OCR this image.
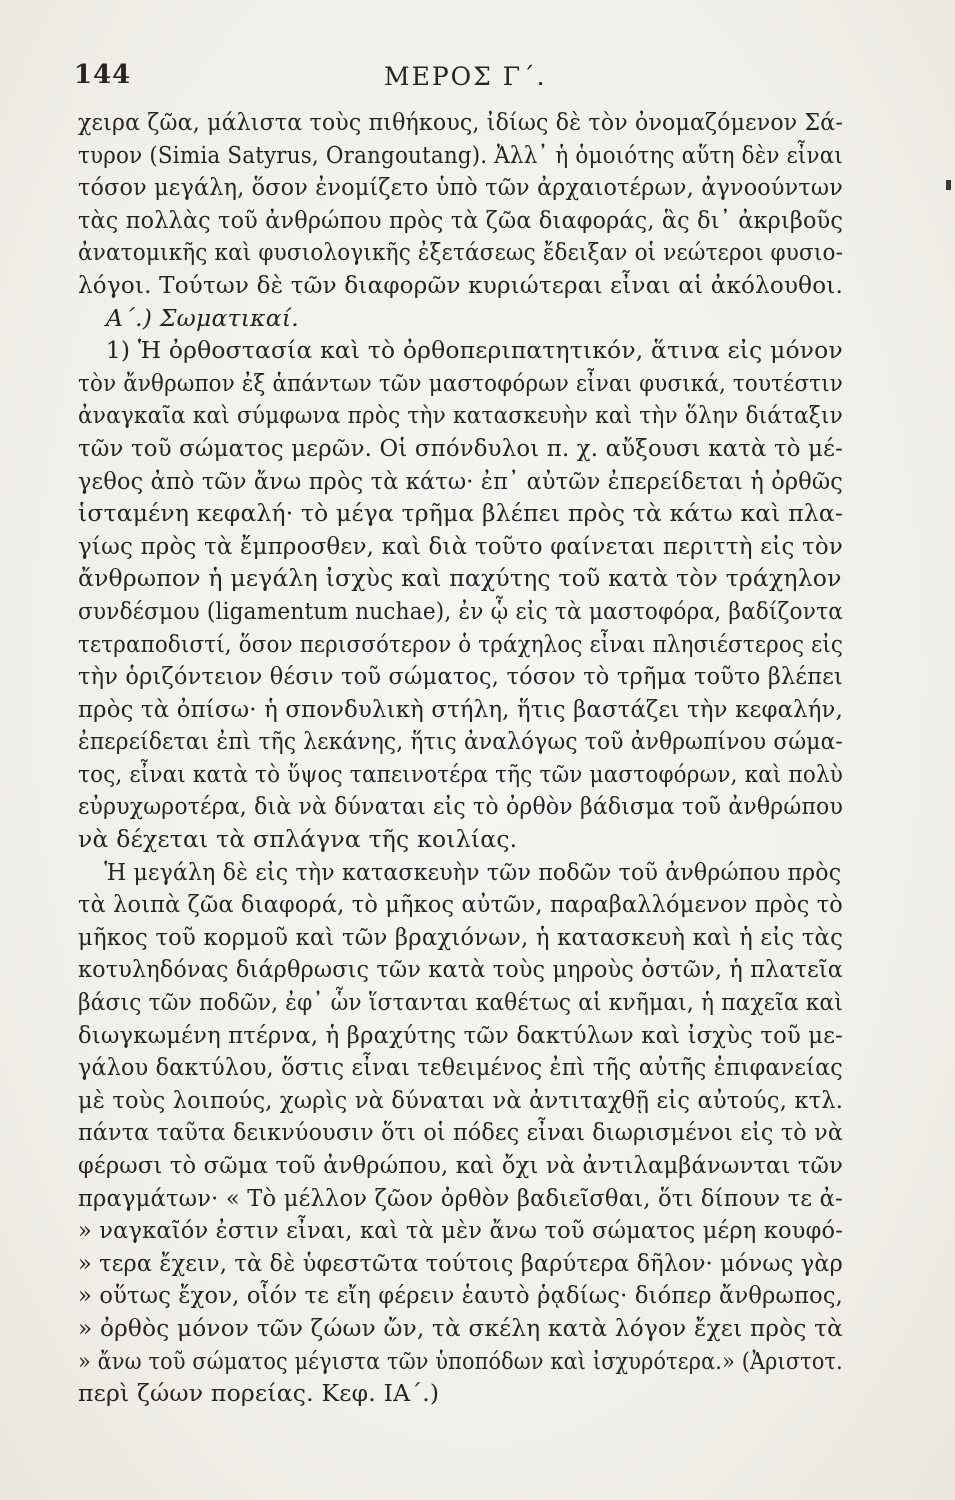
144	ΜΕΡΟΣ Γ΄.
χειρα ζῶα, μάλιστα τοὺς πιθήκους, ἰδίως δὲ τὸν ὀνομαζόμενον Σά-
τυρον (Simia Satyrus, Orangoutang). Ἀλλ᾽ ἡ ὁμοιότης αὕτη δὲν εἶναι
τόσον μεγάλη, ὅσον ἐνομίζετο ὑπὸ τῶν ἀρχαιοτέρων, ἀγνοούντων
τὰς πολλὰς τοῦ ἀνθρώπου πρὸς τὰ ζῶα διαφοράς, ἃς δι᾽ ἀκριβοῦς
ἀνατομικῆς καὶ φυσιολογικῆς ἐξετάσεως ἔδειξαν οἱ νεώτεροι φυσιο-
λόγοι. Τούτων δὲ τῶν διαφορῶν κυριώτεραι εἶναι αἱ ἀκόλουθοι.
Α΄.) Σωματικαί.
1) Ἡ ὀρθοστασία καὶ τὸ ὀρθοπεριπατητικόν, ἅτινα εἰς μόνον
τὸν ἄνθρωπον ἐξ ἁπάντων τῶν μαστοφόρων εἶναι φυσικά, τουτέστιν
ἀναγκαῖα καὶ σύμφωνα πρὸς τὴν κατασκευὴν καὶ τὴν ὅλην διάταξιν
τῶν τοῦ σώματος μερῶν. Οἱ σπόνδυλοι π. χ. αὔξουσι κατὰ τὸ μέ-
γεθος ἀπὸ τῶν ἄνω πρὸς τὰ κάτω· ἐπ᾽ αὐτῶν ἐπερείδεται ἡ ὀρθῶς
ἱσταμένη κεφαλή· τὸ μέγα τρῆμα βλέπει πρὸς τὰ κάτω καὶ πλα-
γίως πρὸς τὰ ἔμπροσθεν, καὶ διὰ τοῦτο φαίνεται περιττὴ εἰς τὸν
ἄνθρωπον ἡ μεγάλη ἰσχὺς καὶ παχύτης τοῦ κατὰ τὸν τράχηλον
συνδέσμου (ligamentum nuchae), ἐν ᾧ εἰς τὰ μαστοφόρα, βαδίζοντα
τετραποδιστί, ὅσον περισσότερον ὁ τράχηλος εἶναι πλησιέστερος εἰς
τὴν ὁριζόντειον θέσιν τοῦ σώματος, τόσον τὸ τρῆμα τοῦτο βλέπει
πρὸς τὰ ὀπίσω· ἡ σπονδυλικὴ στήλη, ἥτις βαστάζει τὴν κεφαλήν,
ἐπερείδεται ἐπὶ τῆς λεκάνης, ἥτις ἀναλόγως τοῦ ἀνθρωπίνου σώμα-
τος, εἶναι κατὰ τὸ ὕψος ταπεινοτέρα τῆς τῶν μαστοφόρων, καὶ πολὺ
εὐρυχωροτέρα, διὰ νὰ δύναται εἰς τὸ ὀρθὸν βάδισμα τοῦ ἀνθρώπου
νὰ δέχεται τὰ σπλάγνα τῆς κοιλίας.
Ἡ μεγάλη δὲ εἰς τὴν κατασκευὴν τῶν ποδῶν τοῦ ἀνθρώπου πρὸς
τὰ λοιπὰ ζῶα διαφορά, τὸ μῆκος αὐτῶν, παραβαλλόμενον πρὸς τὸ
μῆκος τοῦ κορμοῦ καὶ τῶν βραχιόνων, ἡ κατασκευὴ καὶ ἡ εἰς τὰς
κοτυληδόνας διάρθρωσις τῶν κατὰ τοὺς μηροὺς ὀστῶν, ἡ πλατεῖα
βάσις τῶν ποδῶν, ἐφ᾽ ὧν ἵστανται καθέτως αἱ κνῆμαι, ἡ παχεῖα καὶ
διωγκωμένη πτέρνα, ἡ βραχύτης τῶν δακτύλων καὶ ἰσχὺς τοῦ με-
γάλου δακτύλου, ὅστις εἶναι τεθειμένος ἐπὶ τῆς αὐτῆς ἐπιφανείας
μὲ τοὺς λοιπούς, χωρὶς νὰ δύναται νὰ ἀντιταχθῇ εἰς αὐτούς, κτλ.
πάντα ταῦτα δεικνύουσιν ὅτι οἱ πόδες εἶναι διωρισμένοι εἰς τὸ νὰ
φέρωσι τὸ σῶμα τοῦ ἀνθρώπου, καὶ ὄχι νὰ ἀντιλαμβάνωνται τῶν
πραγμάτων· « Τὸ μέλλον ζῶον ὀρθὸν βαδιεῖσθαι, ὅτι δίπουν τε ἀ-
» ναγκαῖόν ἐστιν εἶναι, καὶ τὰ μὲν ἄνω τοῦ σώματος μέρη κουφό-
» τερα ἔχειν, τὰ δὲ ὑφεστῶτα τούτοις βαρύτερα δῆλον· μόνως γὰρ
» οὕτως ἔχον, οἷόν τε εἴη φέρειν ἑαυτὸ ῥᾳδίως· διόπερ ἄνθρωπος,
» ὀρθὸς μόνον τῶν ζώων ὤν, τὰ σκέλη κατὰ λόγον ἔχει πρὸς τὰ
» ἄνω τοῦ σώματος μέγιστα τῶν ὑποπόδων καὶ ἰσχυρότερα.» (Ἀριστοτ.
περὶ ζώων πορείας. Κεφ. ΙΑ΄.)
